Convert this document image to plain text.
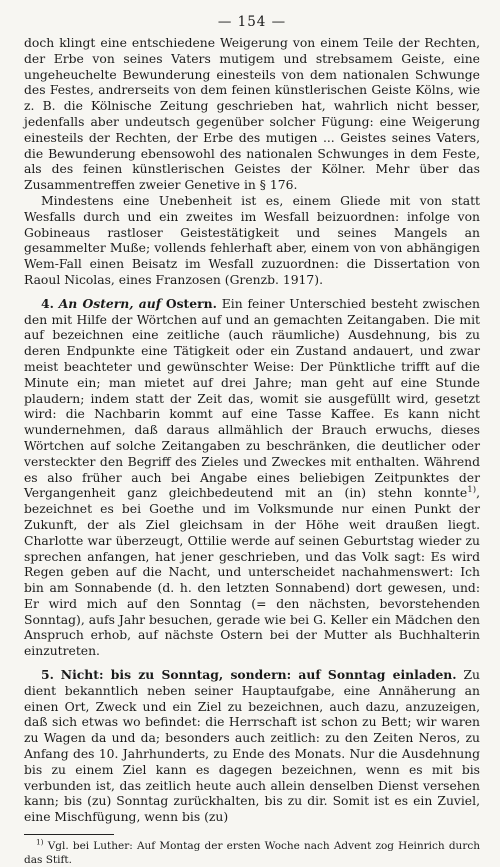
— 154 —

doch klingt eine entschiedene Weigerung von einem Teile der Rechten, der Erbe von seines Vaters mutigem und strebsamem Geiste, eine ungeheuchelte Bewunderung einesteils von dem nationalen Schwunge des Festes, andrerseits von dem feinen künstlerischen Geiste Kölns, wie z. B. die Kölnische Zeitung geschrieben hat, wahrlich nicht besser, jedenfalls aber undeutsch gegenüber solcher Fügung: eine Weigerung einesteils der Rechten, der Erbe des mutigen ... Geistes seines Vaters, die Bewunderung ebensowohl des nationalen Schwunges in dem Feste, als des feinen künstlerischen Geistes der Kölner. Mehr über das Zusammentreffen zweier Genetive in § 176.

Mindestens eine Unebenheit ist es, einem Gliede mit von statt Wesfalls durch und ein zweites im Wesfall beizuordnen: infolge von Gobineaus rastloser Geistestätigkeit und seines Mangels an gesammelter Muße; vollends fehlerhaft aber, einem von von abhängigen Wem-Fall einen Beisatz im Wesfall zuzuordnen: die Dissertation von Raoul Nicolas, eines Franzosen (Grenzb. 1917).

4. An Ostern, auf Ostern. Ein feiner Unterschied besteht zwischen den mit Hilfe der Wörtchen auf und an gemachten Zeitangaben. Die mit auf bezeichnen eine zeitliche (auch räumliche) Ausdehnung, bis zu deren Endpunkte eine Tätigkeit oder ein Zustand andauert, und zwar meist beachteter und gewünschter Weise: Der Pünktliche trifft auf die Minute ein; man mietet auf drei Jahre; man geht auf eine Stunde plaudern; indem statt der Zeit das, womit sie ausgefüllt wird, gesetzt wird: die Nachbarin kommt auf eine Tasse Kaffee. Es kann nicht wundernehmen, daß daraus allmählich der Brauch erwuchs, dieses Wörtchen auf solche Zeitangaben zu beschränken, die deutlicher oder versteckter den Begriff des Zieles und Zweckes mit enthalten. Während es also früher auch bei Angabe eines beliebigen Zeitpunktes der Vergangenheit ganz gleichbedeutend mit an (in) stehn konnte$^{1)}$, bezeichnet es bei Goethe und im Volksmunde nur einen Punkt der Zukunft, der als Ziel gleichsam in der Höhe weit draußen liegt. Charlotte war überzeugt, Ottilie werde auf seinen Geburtstag wieder zu sprechen anfangen, hat jener geschrieben, und das Volk sagt: Es wird Regen geben auf die Nacht, und unterscheidet nachahmenswert: Ich bin am Sonnabende (d. h. den letzten Sonnabend) dort gewesen, und: Er wird mich auf den Sonntag (= den nächsten, bevorstehenden Sonntag), aufs Jahr besuchen, gerade wie bei G. Keller ein Mädchen den Anspruch erhob, auf nächste Ostern bei der Mutter als Buchhalterin einzutreten.

5. Nicht: bis zu Sonntag, sondern: auf Sonntag einladen. Zu dient bekanntlich neben seiner Hauptaufgabe, eine Annäherung an einen Ort, Zweck und ein Ziel zu bezeichnen, auch dazu, anzuzeigen, daß sich etwas wo befindet: die Herrschaft ist schon zu Bett; wir waren zu Wagen da und da; besonders auch zeitlich: zu den Zeiten Neros, zu Anfang des 10. Jahrhunderts, zu Ende des Monats. Nur die Ausdehnung bis zu einem Ziel kann es dagegen bezeichnen, wenn es mit bis verbunden ist, das zeitlich heute auch allein denselben Dienst versehen kann; bis (zu) Sonntag zurückhalten, bis zu dir. Somit ist es ein Zuviel, eine Mischfügung, wenn bis (zu)

$^{1)}$ Vgl. bei Luther: Auf Montag der ersten Woche nach Advent zog Heinrich durch das Stift.
